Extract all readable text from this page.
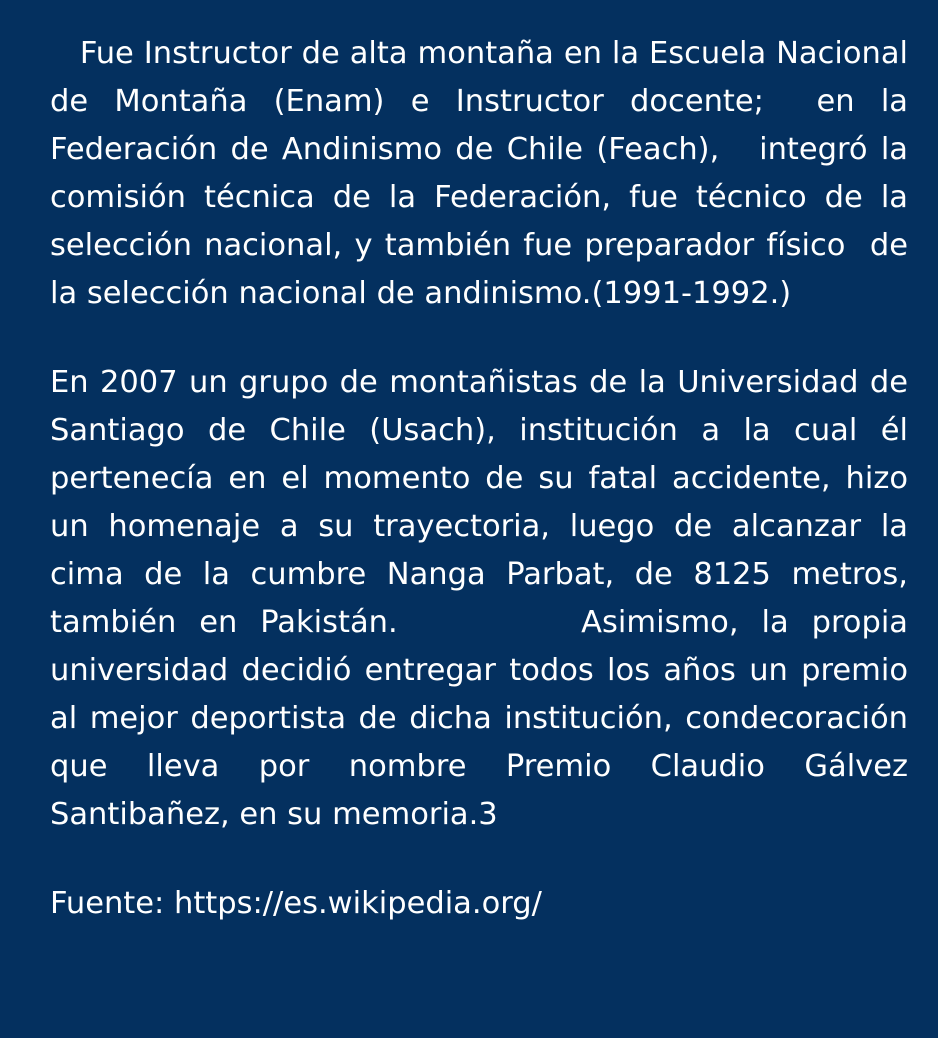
Fue Instructor de alta montaña en la Escuela Nacional de Montaña (Enam) e Instructor docente;  en la Federación de Andinismo de Chile (Feach),   integró la comisión técnica de la Federación, fue técnico de la selección nacional, y también fue preparador físico  de la selección nacional de andinismo.(1991-1992.)

En 2007 un grupo de montañistas de la Universidad de Santiago de Chile (Usach), institución a la cual él pertenecía en el momento de su fatal accidente, hizo un homenaje a su trayectoria, luego de alcanzar la cima de la cumbre Nanga Parbat, de 8125 metros, también en Pakistán.        Asimismo, la propia universidad decidió entregar todos los años un premio al mejor deportista de dicha institución, condecoración que lleva por nombre Premio Claudio Gálvez Santibañez, en su memoria.3

Fuente: https://es.wikipedia.org/
